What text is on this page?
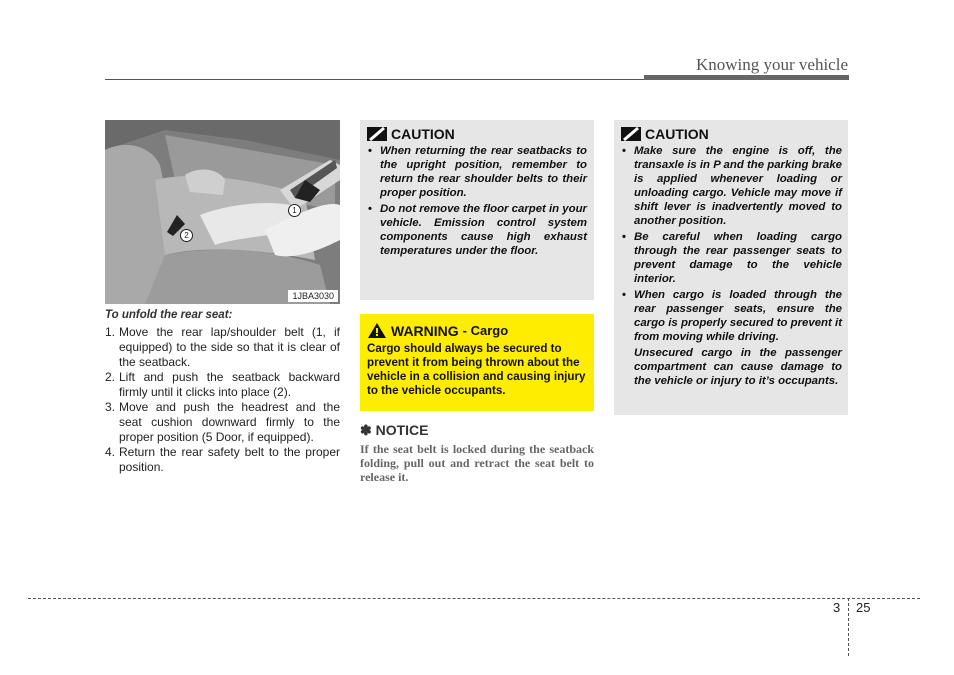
Knowing your vehicle
1
2
1JBA3030
To unfold the rear seat:
1. Move the rear lap/shoulder belt (1, if equipped) to the side so that it is clear of the seatback.
2. Lift and push the seatback backward firmly until it clicks into place (2).
3. Move and push the headrest and the seat cushion downward firmly to the proper position (5 Door, if equipped).
4. Return the rear safety belt to the proper position.
CAUTION
• When returning the rear seatbacks to the upright position, remember to return the rear shoulder belts to their proper position.
• Do not remove the floor carpet in your vehicle. Emission control system components cause high exhaust temperatures under the floor.
WARNING - Cargo
Cargo should always be secured to prevent it from being thrown about the vehicle in a collision and causing injury to the vehicle occupants.
✽ NOTICE
If the seat belt is locked during the seatback folding, pull out and retract the seat belt to release it.
CAUTION
• Make sure the engine is off, the transaxle is in P and the parking brake is applied whenever loading or unloading cargo. Vehicle may move if shift lever is inadvertently moved to another position.
• Be careful when loading cargo through the rear passenger seats to prevent damage to the vehicle interior.
• When cargo is loaded through the rear passenger seats, ensure the cargo is properly secured to prevent it from moving while driving.
Unsecured cargo in the passenger compartment can cause damage to the vehicle or injury to it’s occupants.
3 25
